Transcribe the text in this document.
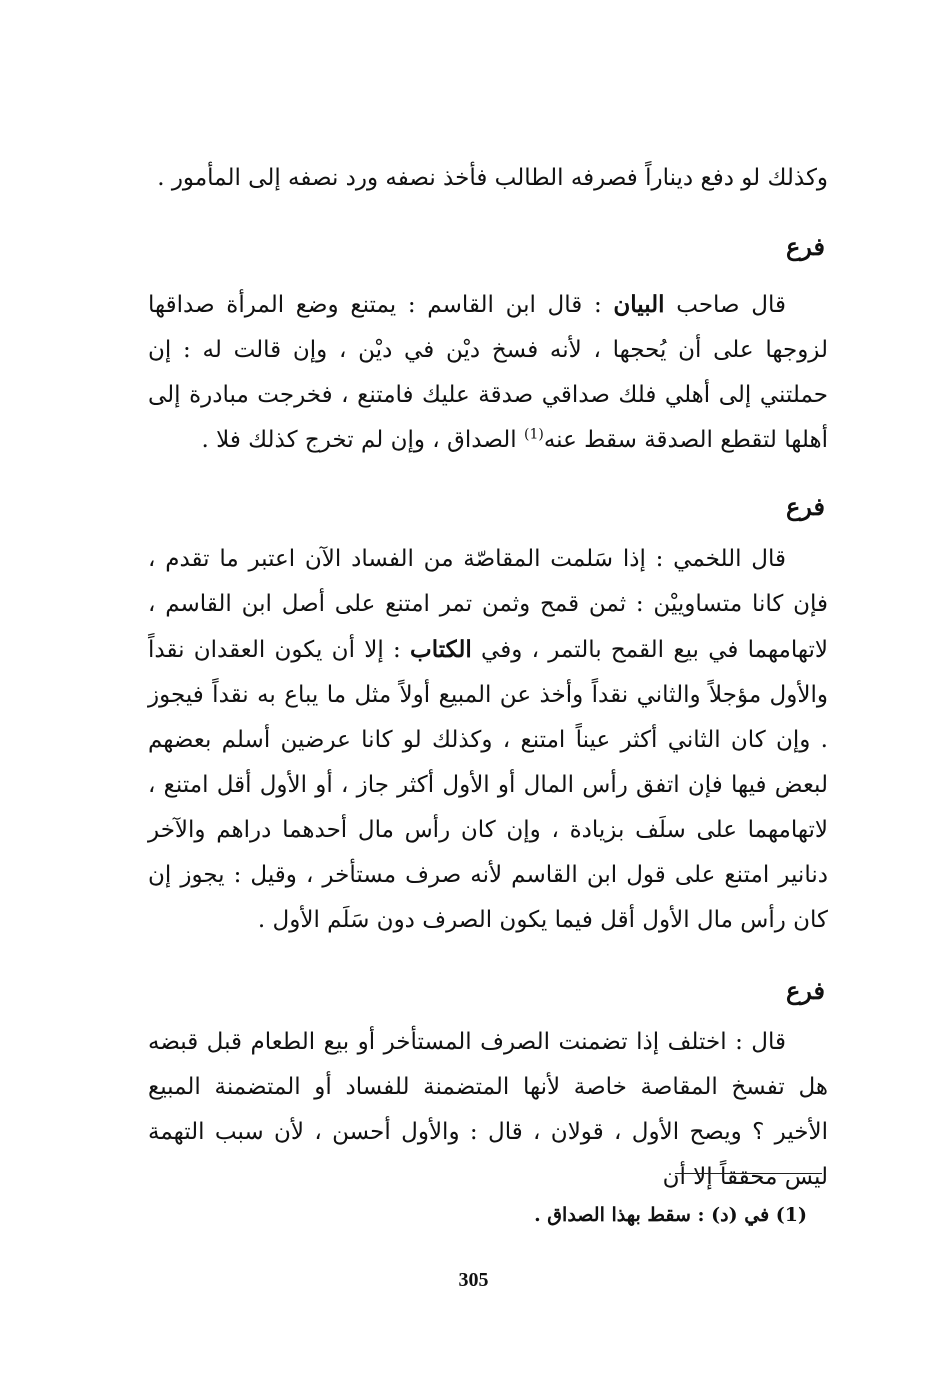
وكذلك لو دفع ديناراً فصرفه الطالب فأخذ نصفه ورد نصفه إلى المأمور .

فرع

قال صاحب البيان : قال ابن القاسم : يمتنع وضع المرأة صداقها لزوجها على أن يُحجها ، لأنه فسخ ديْن في ديْن ، وإن قالت له : إن حملتني إلى أهلي فلك صداقي صدقة عليك فامتنع ، فخرجت مبادرة إلى أهلها لتقطع الصدقة سقط عنه$^{(1)}$ الصداق ، وإن لم تخرج كذلك فلا .

فرع

قال اللخمي : إذا سَلمت المقاصّة من الفساد الآن اعتبر ما تقدم ، فإن كانا متساوييْن : ثمن قمح وثمن تمر امتنع على أصل ابن القاسم ، لاتهامهما في بيع القمح بالتمر ، وفي الكتاب : إلا أن يكون العقدان نقداً والأول مؤجلاً والثاني نقداً وأخذ عن المبيع أولاً مثل ما يباع به نقداً فيجوز . وإن كان الثاني أكثر عيناً امتنع ، وكذلك لو كانا عرضين أسلم بعضهم لبعض فيها فإن اتفق رأس المال أو الأول أكثر جاز ، أو الأول أقل امتنع ، لاتهامهما على سلَف بزيادة ، وإن كان رأس مال أحدهما دراهم والآخر دنانير امتنع على قول ابن القاسم لأنه صرف مستأخر ، وقيل : يجوز إن كان رأس مال الأول أقل فيما يكون الصرف دون سَلَم الأول .

فرع

قال : اختلف إذا تضمنت الصرف المستأخر أو بيع الطعام قبل قبضه هل تفسخ المقاصة خاصة لأنها المتضمنة للفساد أو المتضمنة المبيع الأخير ؟ ويصح الأول ، قولان ، قال : والأول أحسن ، لأن سبب التهمة ليس محققاً إلا أن

(1) في (د) : سقط بهذا الصداق .

305
